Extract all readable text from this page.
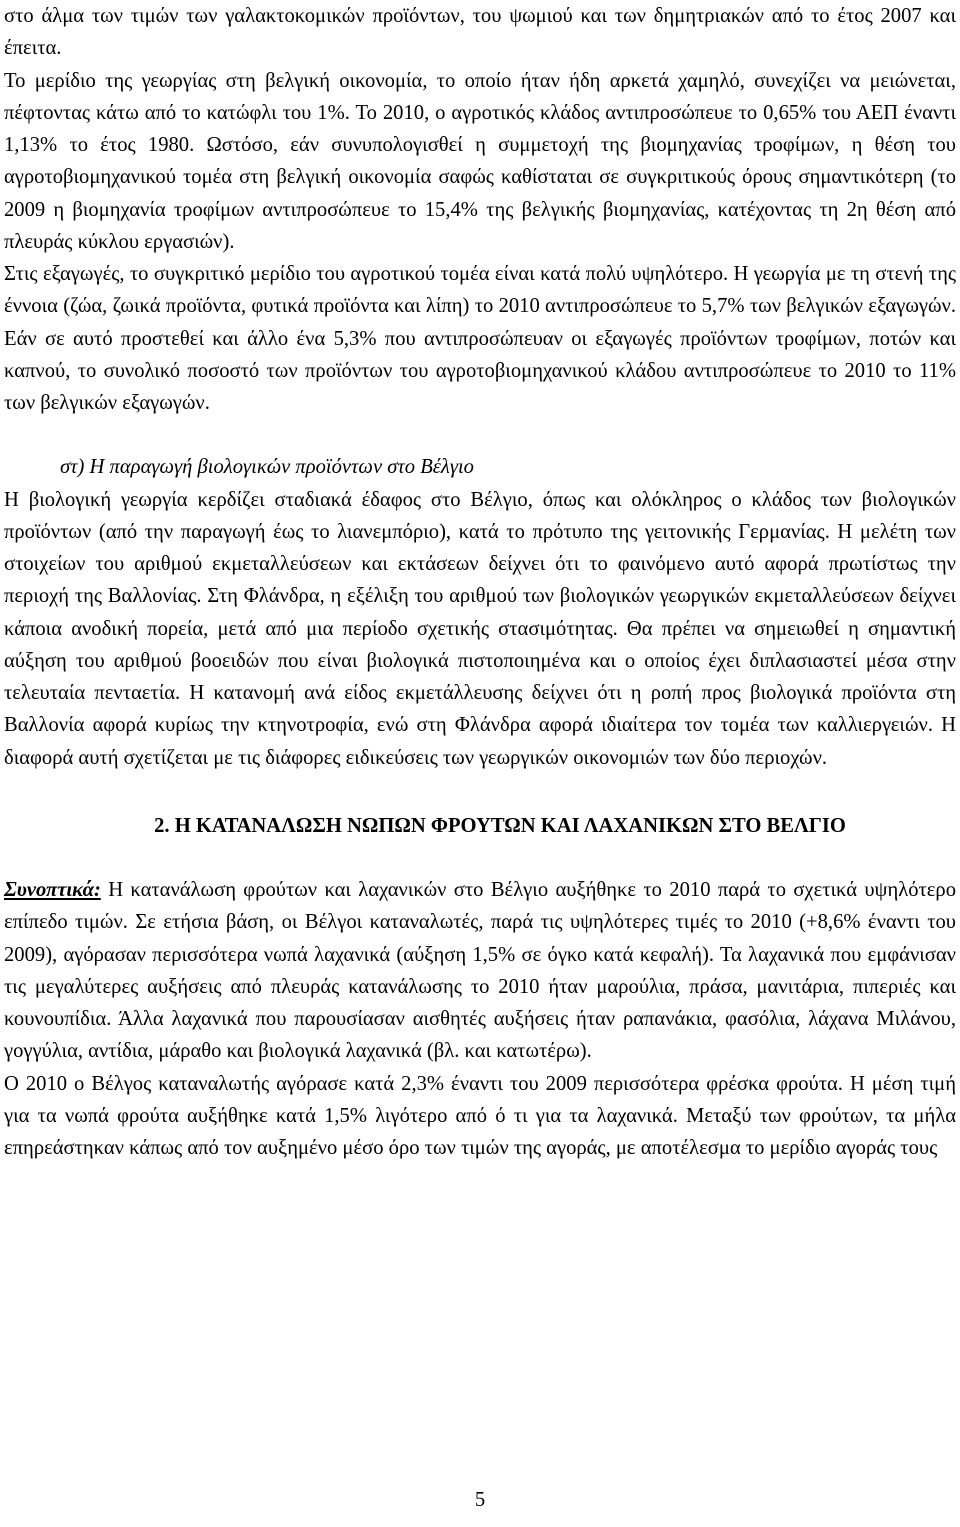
στο άλμα των τιμών των γαλακτοκομικών προϊόντων, του ψωμιού και των δημητριακών από το έτος 2007 και έπειτα.

Το μερίδιο της γεωργίας στη βελγική οικονομία, το οποίο ήταν ήδη αρκετά χαμηλό, συνεχίζει να μειώνεται, πέφτοντας κάτω από το κατώφλι του 1%. Το 2010, ο αγροτικός κλάδος αντιπροσώπευε το 0,65% του ΑΕΠ έναντι 1,13% το έτος 1980. Ωστόσο, εάν συνυπολογισθεί η συμμετοχή της βιομηχανίας τροφίμων, η θέση του αγροτοβιομηχανικού τομέα στη βελγική οικονομία σαφώς καθίσταται σε συγκριτικούς όρους σημαντικότερη (το 2009 η βιομηχανία τροφίμων αντιπροσώπευε το 15,4% της βελγικής βιομηχανίας, κατέχοντας τη 2η θέση από πλευράς κύκλου εργασιών).

Στις εξαγωγές, το συγκριτικό μερίδιο του αγροτικού τομέα είναι κατά πολύ υψηλότερο. Η γεωργία με τη στενή της έννοια (ζώα, ζωικά προϊόντα, φυτικά προϊόντα και λίπη) το 2010 αντιπροσώπευε το 5,7% των βελγικών εξαγωγών. Εάν σε αυτό προστεθεί και άλλο ένα 5,3% που αντιπροσώπευαν οι εξαγωγές προϊόντων τροφίμων, ποτών και καπνού, το συνολικό ποσοστό των προϊόντων του αγροτοβιομηχανικού κλάδου αντιπροσώπευε το 2010 το 11% των βελγικών εξαγωγών.

στ) Η παραγωγή βιολογικών προϊόντων στο Βέλγιο

Η βιολογική γεωργία κερδίζει σταδιακά έδαφος στο Βέλγιο, όπως και ολόκληρος ο κλάδος των βιολογικών προϊόντων (από την παραγωγή έως το λιανεμπόριο), κατά το πρότυπο της γειτονικής Γερμανίας. Η μελέτη των στοιχείων του αριθμού εκμεταλλεύσεων και εκτάσεων δείχνει ότι το φαινόμενο αυτό αφορά πρωτίστως την περιοχή της Βαλλονίας. Στη Φλάνδρα, η εξέλιξη του αριθμού των βιολογικών γεωργικών εκμεταλλεύσεων δείχνει κάποια ανοδική πορεία, μετά από μια περίοδο σχετικής στασιμότητας. Θα πρέπει να σημειωθεί η σημαντική αύξηση του αριθμού βοοειδών που είναι βιολογικά πιστοποιημένα και ο οποίος έχει διπλασιαστεί μέσα στην τελευταία πενταετία. Η κατανομή ανά είδος εκμετάλλευσης δείχνει ότι η ροπή προς βιολογικά προϊόντα στη Βαλλονία αφορά κυρίως την κτηνοτροφία, ενώ στη Φλάνδρα αφορά ιδιαίτερα τον τομέα των καλλιεργειών. Η διαφορά αυτή σχετίζεται με τις διάφορες ειδικεύσεις των γεωργικών οικονομιών των δύο περιοχών.

2. Η ΚΑΤΑΝΑΛΩΣΗ ΝΩΠΩΝ ΦΡΟΥΤΩΝ ΚΑΙ ΛΑΧΑΝΙΚΩΝ ΣΤΟ ΒΕΛΓΙΟ

Συνοπτικά: Η κατανάλωση φρούτων και λαχανικών στο Βέλγιο αυξήθηκε το 2010 παρά το σχετικά υψηλότερο επίπεδο τιμών. Σε ετήσια βάση, οι Βέλγοι καταναλωτές, παρά τις υψηλότερες τιμές το 2010 (+8,6% έναντι του 2009), αγόρασαν περισσότερα νωπά λαχανικά (αύξηση 1,5% σε όγκο κατά κεφαλή). Τα λαχανικά που εμφάνισαν τις μεγαλύτερες αυξήσεις από πλευράς κατανάλωσης το 2010 ήταν μαρούλια, πράσα, μανιτάρια, πιπεριές και κουνουπίδια. Άλλα λαχανικά που παρουσίασαν αισθητές αυξήσεις ήταν ραπανάκια, φασόλια, λάχανα Μιλάνου, γογγύλια, αντίδια, μάραθο και βιολογικά λαχανικά (βλ. και κατωτέρω).

Ο 2010 ο Βέλγος καταναλωτής αγόρασε κατά 2,3% έναντι του 2009 περισσότερα φρέσκα φρούτα. Η μέση τιμή για τα νωπά φρούτα αυξήθηκε κατά 1,5% λιγότερο από ό τι για τα λαχανικά. Μεταξύ των φρούτων, τα μήλα επηρεάστηκαν κάπως από τον αυξημένο μέσο όρο των τιμών της αγοράς, με αποτέλεσμα το μερίδιο αγοράς τους

5
